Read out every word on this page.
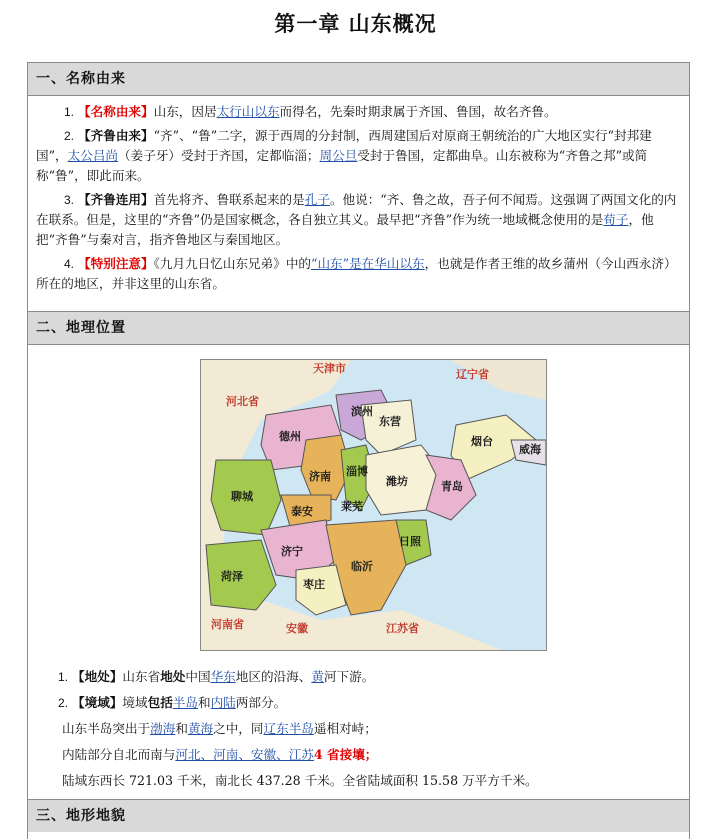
第一章 山东概况
一、名称由来

1. 【名称由来】山东，因居太行山以东而得名，先秦时期隶属于齐国、鲁国，故名齐鲁。

2. 【齐鲁由来】“齐”、“鲁”二字，源于西周的分封制，西周建国后对原商王朝统治的广大地区实行“封邦建国”，太公吕尚（姜子牙）受封于齐国，定都临淄；周公旦受封于鲁国，定都曲阜。山东被称为“齐鲁之邦”或简称“鲁”，即此而来。

3. 【齐鲁连用】首先将齐、鲁联系起来的是孔子。他说：“齐、鲁之故，吾子何不闻焉。这强调了两国文化的内在联系。但是，这里的“齐鲁”仍是国家概念，各自独立其义。最早把“齐鲁”作为统一地域概念使用的是荀子，他把“齐鲁”与秦对言，指齐鲁地区与秦国地区。

4. 【特别注意】《九月九日忆山东兄弟》中的“山东”是在华山以东，也就是作者王维的故乡蒲州（今山西永济）所在的地区，并非这里的山东省。

二、地理位置
滨州
东营
烟台
威海
德州
济南 淄博
潍坊	青岛
聊城
泰安	莱芜
日照
济宁
临沂
菏泽
枣庄
天津市	辽宁省
河北省
河南省	安徽	江苏省
1. 【地处】山东省地处中国华东地区的沿海、黄河下游。
2. 【境域】境域包括半岛和内陆两部分。
山东半岛突出于渤海和黄海之中，同辽东半岛遥相对峙；
内陆部分自北而南与河北、河南、安徽、江苏4 省接壤；
陆域东西长 721.03 千米，南北长 437.28 千米。全省陆域面积 15.58 万平方千米。
三、地形地貌
